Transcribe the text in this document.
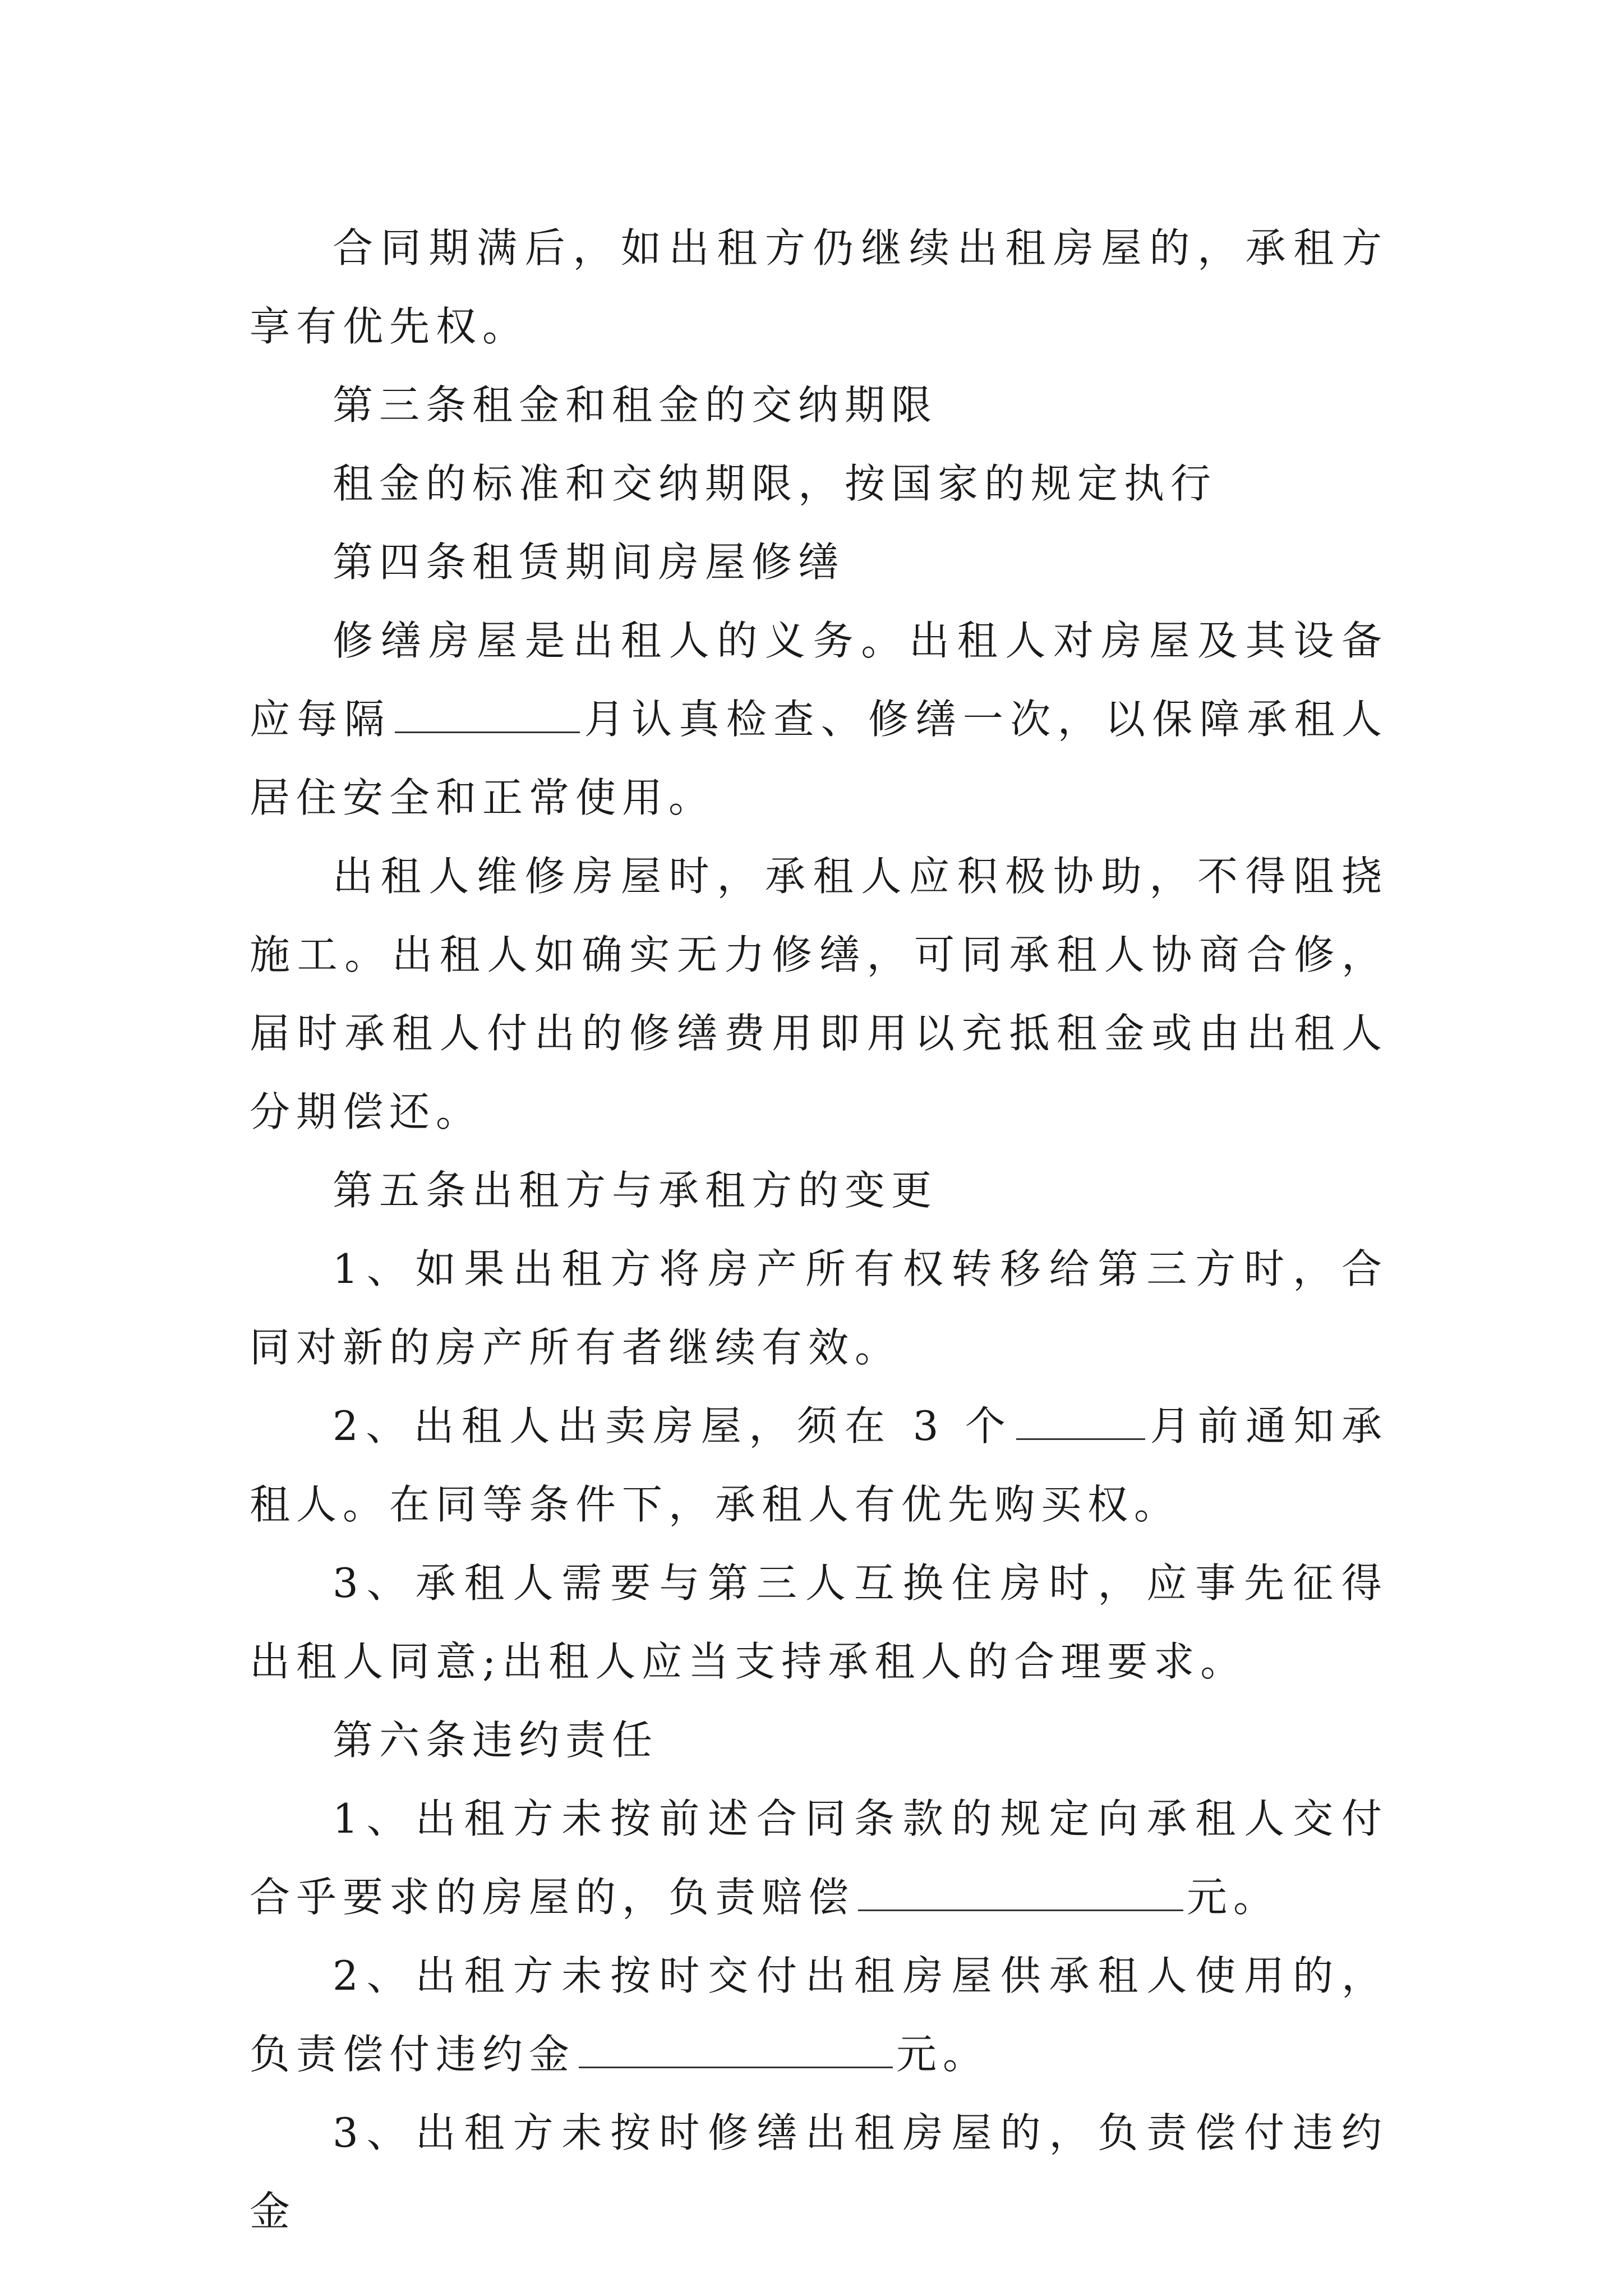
合同期满后，如出租方仍继续出租房屋的，承租方享有优先权。

第三条租金和租金的交纳期限

租金的标准和交纳期限，按国家的规定执行

第四条租赁期间房屋修缮

修缮房屋是出租人的义务。出租人对房屋及其设备应每隔	月认真检查、修缮一次，以保障承租人居住安全和正常使用。

出租人维修房屋时，承租人应积极协助，不得阻挠施工。出租人如确实无力修缮，可同承租人协商合修，届时承租人付出的修缮费用即用以充抵租金或由出租人分期偿还。

第五条出租方与承租方的变更

1、如果出租方将房产所有权转移给第三方时，合同对新的房产所有者继续有效。

2、出租人出卖房屋，须在 3 个	月前通知承租人。在同等条件下，承租人有优先购买权。

3、承租人需要与第三人互换住房时，应事先征得出租人同意;出租人应当支持承租人的合理要求。

第六条违约责任

1、出租方未按前述合同条款的规定向承租人交付合乎要求的房屋的，负责赔偿	元。

2、出租方未按时交付出租房屋供承租人使用的，负责偿付违约金	元。

3、出租方未按时修缮出租房屋的，负责偿付违约金
